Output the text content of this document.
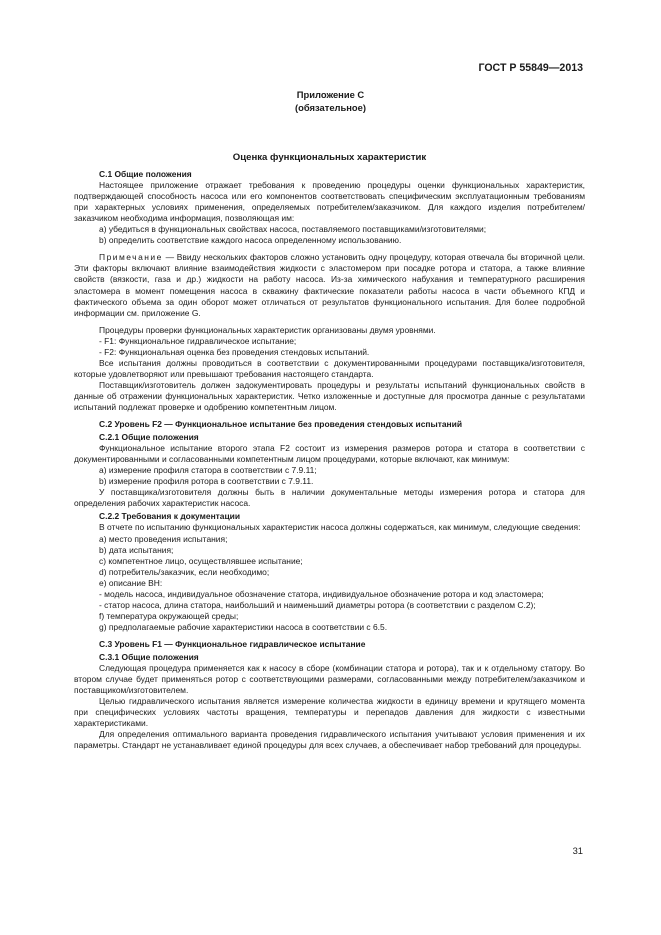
ГОСТ Р 55849—2013
Приложение С
(обязательное)

Оценка функциональных характеристик

С.1 Общие положения

Настоящее приложение отражает требования к проведению процедуры оценки функциональных характеристик, подтверждающей способность насоса или его компонентов соответствовать специфическим эксплуатационным требованиям при характерных условиях применения, определяемых потребителем/заказчиком. Для каждого изделия потребителем/заказчиком необходима информация, позволяющая им:

а) убедиться в функциональных свойствах насоса, поставляемого поставщиками/изготовителями;

b) определить соответствие каждого насоса определенному использованию.

Примечание — Ввиду нескольких факторов сложно установить одну процедуру, которая отвечала бы вторичной цели. Эти факторы включают влияние взаимодействия жидкости с эластомером при посадке ротора и статора, а также влияние свойств (вязкости, газа и др.) жидкости на работу насоса. Из-за химического набухания и температурного расширения эластомера в момент помещения насоса в скважину фактические показатели работы насоса в части объемного КПД и фактического объема за один оборот может отличаться от результатов функционального испытания. Для более подробной информации см. приложение G.

Процедуры проверки функциональных характеристик организованы двумя уровнями.

- F1: Функциональное гидравлическое испытание;

- F2: Функциональная оценка без проведения стендовых испытаний.

Все испытания должны проводиться в соответствии с документированными процедурами поставщика/изготовителя, которые удовлетворяют или превышают требования настоящего стандарта.

Поставщик/изготовитель должен задокументировать процедуры и результаты испытаний функциональных свойств в данные об отражении функциональных характеристик. Четко изложенные и доступные для просмотра данные с результатами испытаний подлежат проверке и одобрению компетентным лицом.

С.2 Уровень F2 — Функциональное испытание без проведения стендовых испытаний

С.2.1 Общие положения

Функциональное испытание второго этапа F2 состоит из измерения размеров ротора и статора в соответствии с документированными и согласованными компетентным лицом процедурами, которые включают, как минимум:

а) измерение профиля статора в соответствии с 7.9.11;

b) измерение профиля ротора в соответствии с 7.9.11.

У поставщика/изготовителя должны быть в наличии документальные методы измерения ротора и статора для определения рабочих характеристик насоса.

С.2.2 Требования к документации

В отчете по испытанию функциональных характеристик насоса должны содержаться, как минимум, следующие сведения:

а) место проведения испытания;

b) дата испытания;

c) компетентное лицо, осуществлявшее испытание;

d) потребитель/заказчик, если необходимо;

e) описание ВН:

- модель насоса, индивидуальное обозначение статора, индивидуальное обозначение ротора и код эластомера;

- статор насоса, длина статора, наибольший и наименьший диаметры ротора (в соответствии с разделом С.2);

f) температура окружающей среды;

g) предполагаемые рабочие характеристики насоса в соответствии с 6.5.

С.3 Уровень F1 — Функциональное гидравлическое испытание

С.3.1 Общие положения

Следующая процедура применяется как к насосу в сборе (комбинации статора и ротора), так и к отдельному статору. Во втором случае будет применяться ротор с соответствующими размерами, согласованными между потребителем/заказчиком и поставщиком/изготовителем.

Целью гидравлического испытания является измерение количества жидкости в единицу времени и крутящего момента при специфических условиях частоты вращения, температуры и перепадов давления для жидкости с известными характеристиками.

Для определения оптимального варианта проведения гидравлического испытания учитывают условия применения и их параметры. Стандарт не устанавливает единой процедуры для всех случаев, а обеспечивает набор требований для процедуры.

31
